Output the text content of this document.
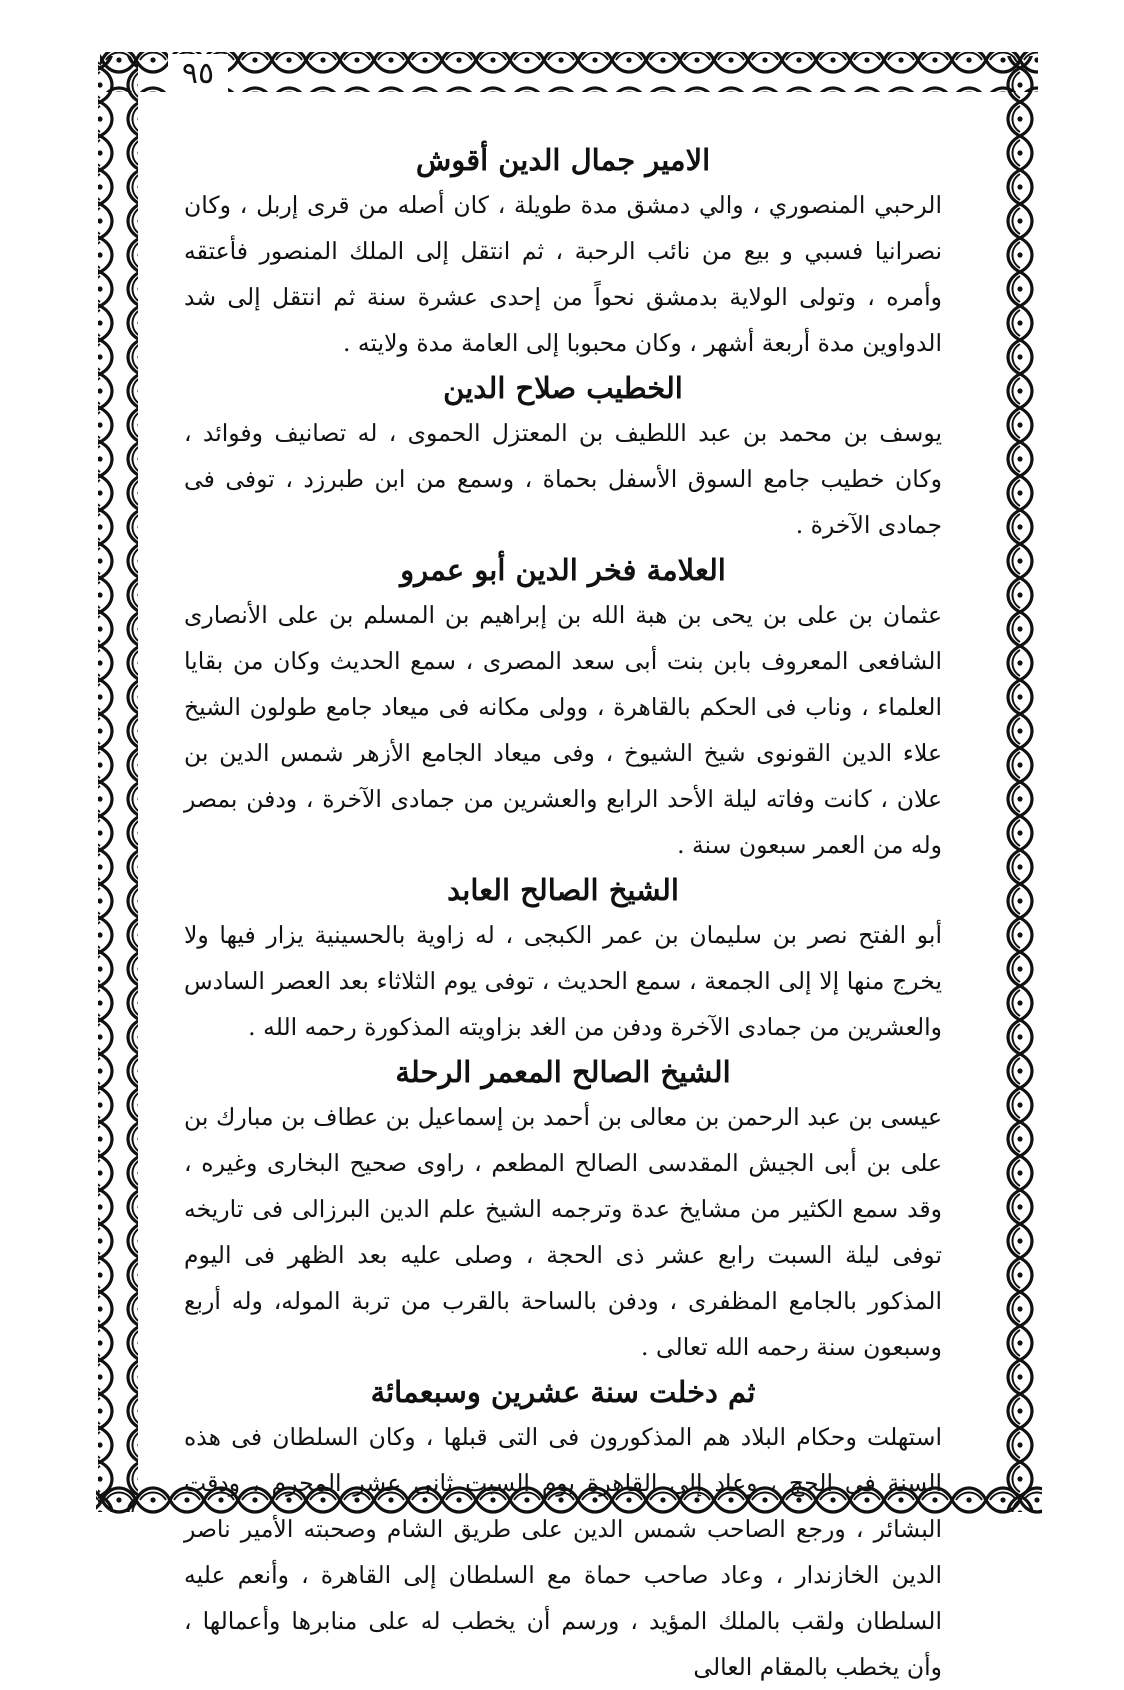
٩٥
الامير جمال الدين أقوش

الرحبي المنصوري ، والي دمشق مدة طويلة ، كان أصله من قرى إربل ، وكان نصرانيا فسبي و بيع من نائب الرحبة ، ثم انتقل إلى الملك المنصور فأعتقه وأمره ، وتولى الولاية بدمشق نحواً من إحدى عشرة سنة ثم انتقل إلى شد الدواوين مدة أربعة أشهر ، وكان محبوبا إلى العامة مدة ولايته .

الخطيب صلاح الدين

يوسف بن محمد بن عبد اللطيف بن المعتزل الحموى ، له تصانيف وفوائد ، وكان خطيب جامع السوق الأسفل بحماة ، وسمع من ابن طبرزد ، توفى فى جمادى الآخرة .

العلامة فخر الدين أبو عمرو

عثمان بن على بن يحى بن هبة الله بن إبراهيم بن المسلم بن على الأنصارى الشافعى المعروف بابن بنت أبى سعد المصرى ، سمع الحديث وكان من بقايا العلماء ، وناب فى الحكم بالقاهرة ، وولى مكانه فى ميعاد جامع طولون الشيخ علاء الدين القونوى شيخ الشيوخ ، وفى ميعاد الجامع الأزهر شمس الدين بن علان ، كانت وفاته ليلة الأحد الرابع والعشرين من جمادى الآخرة ، ودفن بمصر وله من العمر سبعون سنة .

الشيخ الصالح العابد

أبو الفتح نصر بن سليمان بن عمر الكبجى ، له زاوية بالحسينية يزار فيها ولا يخرج منها إلا إلى الجمعة ، سمع الحديث ، توفى يوم الثلاثاء بعد العصر السادس والعشرين من جمادى الآخرة ودفن من الغد بزاويته المذكورة رحمه الله .

الشيخ الصالح المعمر الرحلة

عيسى بن عبد الرحمن بن معالى بن أحمد بن إسماعيل بن عطاف بن مبارك بن على بن أبى الجيش المقدسى الصالح المطعم ، راوى صحيح البخارى وغيره ، وقد سمع الكثير من مشايخ عدة وترجمه الشيخ علم الدين البرزالى فى تاريخه توفى ليلة السبت رابع عشر ذى الحجة ، وصلى عليه بعد الظهر فى اليوم المذكور بالجامع المظفرى ، ودفن بالساحة بالقرب من تربة الموله، وله أربع وسبعون سنة رحمه الله تعالى .

ثم دخلت سنة عشرين وسبعمائة

استهلت وحكام البلاد هم المذكورون فى التى قبلها ، وكان السلطان فى هذه السنة فى الحج ، وعاد إلى القاهرة يوم السبت ثانى عشر المحرم ، ودقت البشائر ، ورجع الصاحب شمس الدين على طريق الشام وصحبته الأمير ناصر الدين الخازندار ، وعاد صاحب حماة مع السلطان إلى القاهرة ، وأنعم عليه السلطان ولقب بالملك المؤيد ، ورسم أن يخطب له على منابرها وأعمالها ، وأن يخطب بالمقام العالى
